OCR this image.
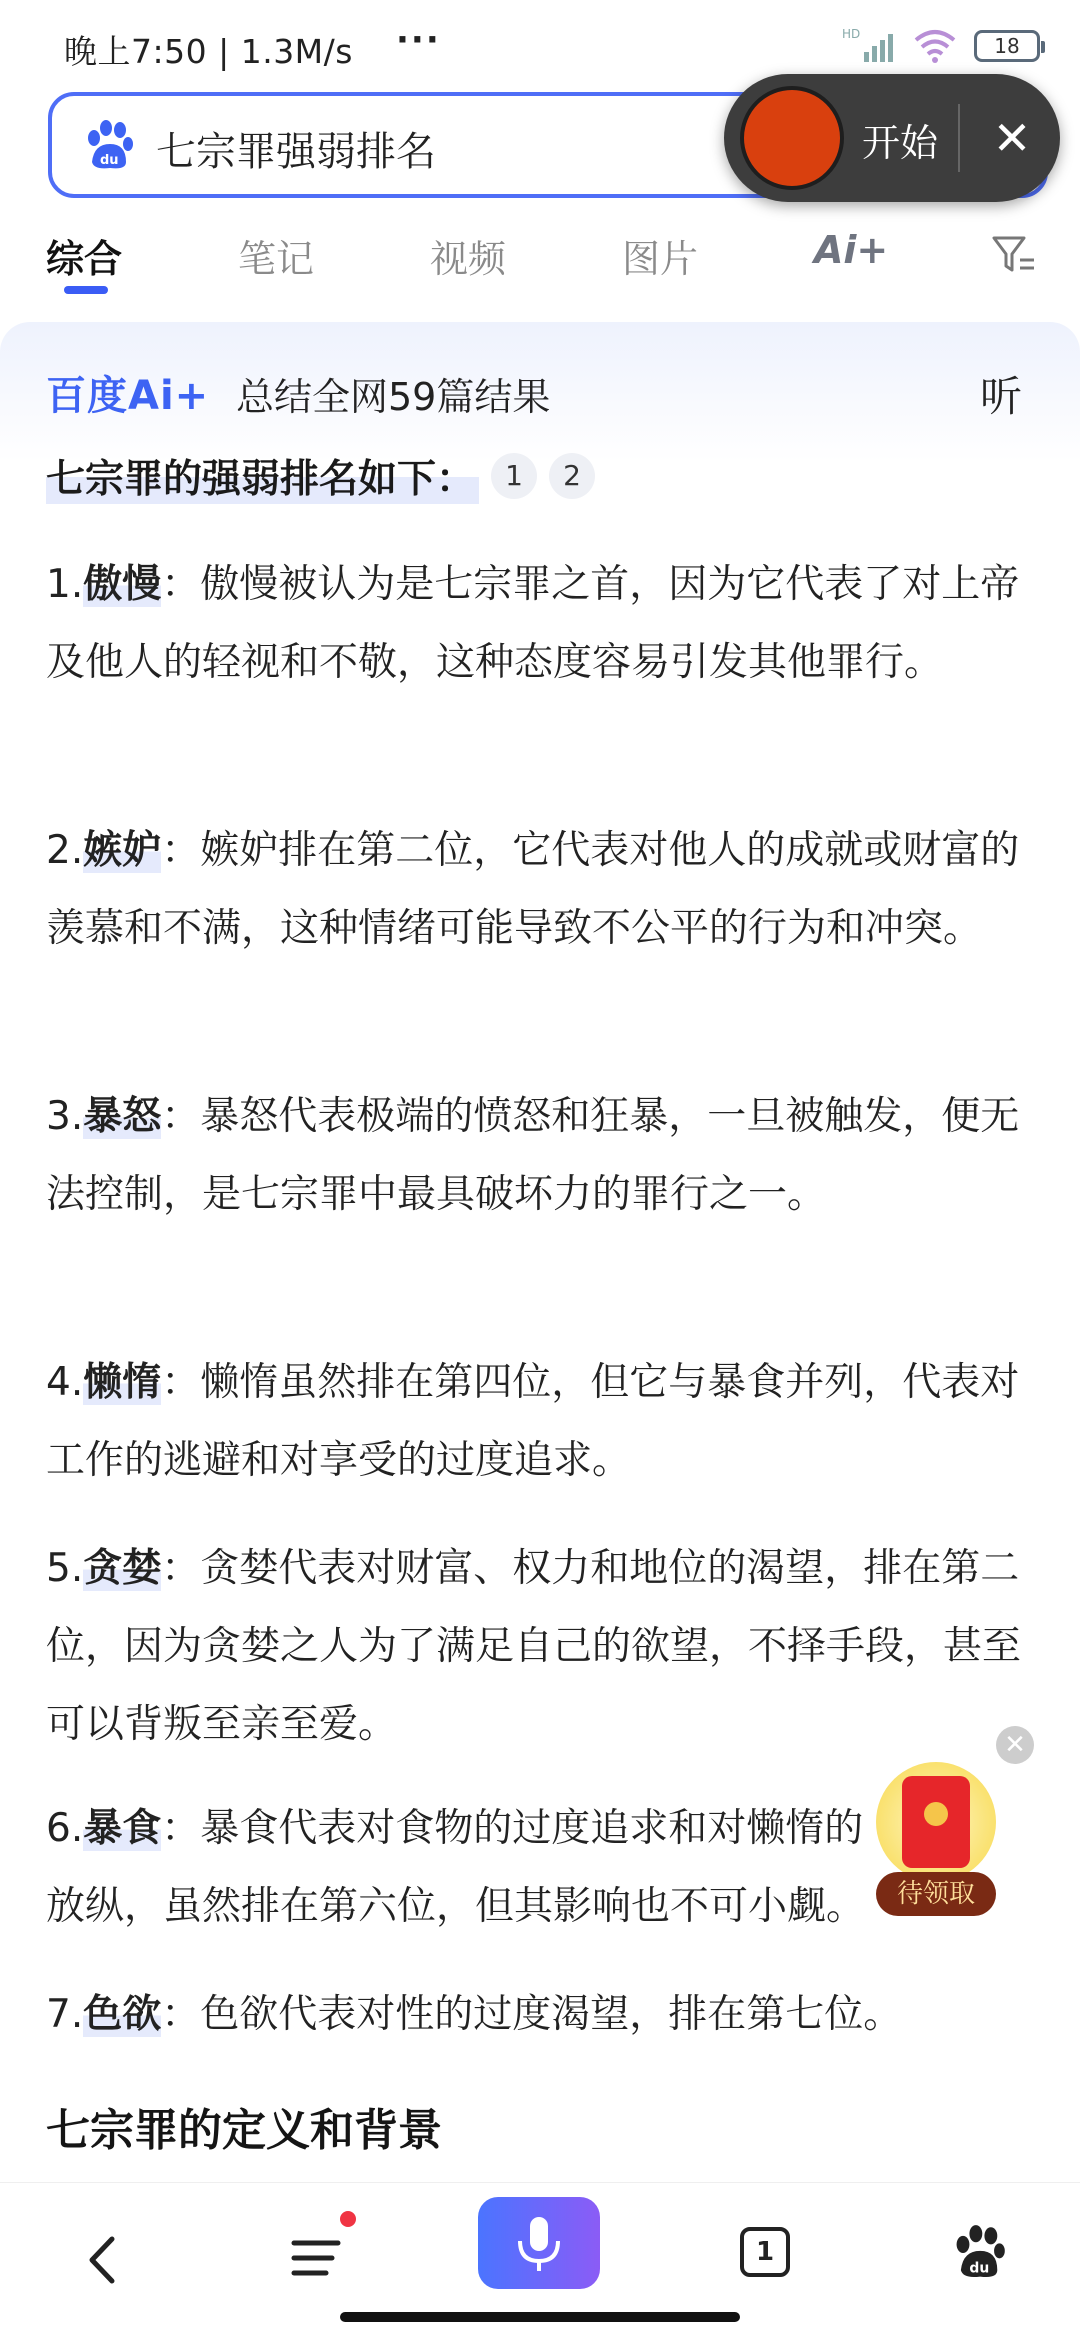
晚上7:50 | 1.3M/s ···	HD	18
du 七宗罪强弱排名	开始	✕
综合	笔记	视频	图片	Ai+
百度Ai+ 总结全网59篇结果	听
七宗罪的强弱排名如下：	1	2
1.傲慢：傲慢被认为是七宗罪之首，因为它代表了对上帝及他人的轻视和不敬，这种态度容易引发其他罪行。
2.嫉妒：嫉妒排在第二位，它代表对他人的成就或财富的羡慕和不满，这种情绪可能导致不公平的行为和冲突。
3.暴怒：暴怒代表极端的愤怒和狂暴，一旦被触发，便无法控制，是七宗罪中最具破坏力的罪行之一。
4.懒惰：懒惰虽然排在第四位，但它与暴食并列，代表对工作的逃避和对享受的过度追求。
5.贪婪：贪婪代表对财富、权力和地位的渴望，排在第二位，因为贪婪之人为了满足自己的欲望，不择手段，甚至可以背叛至亲至爱。
6.暴食：暴食代表对食物的过度追求和对懒惰的放纵，虽然排在第六位，但其影响也不可小觑。
7.色欲：色欲代表对性的过度渴望，排在第七位。
七宗罪的定义和背景
✕
待领取
1
du
